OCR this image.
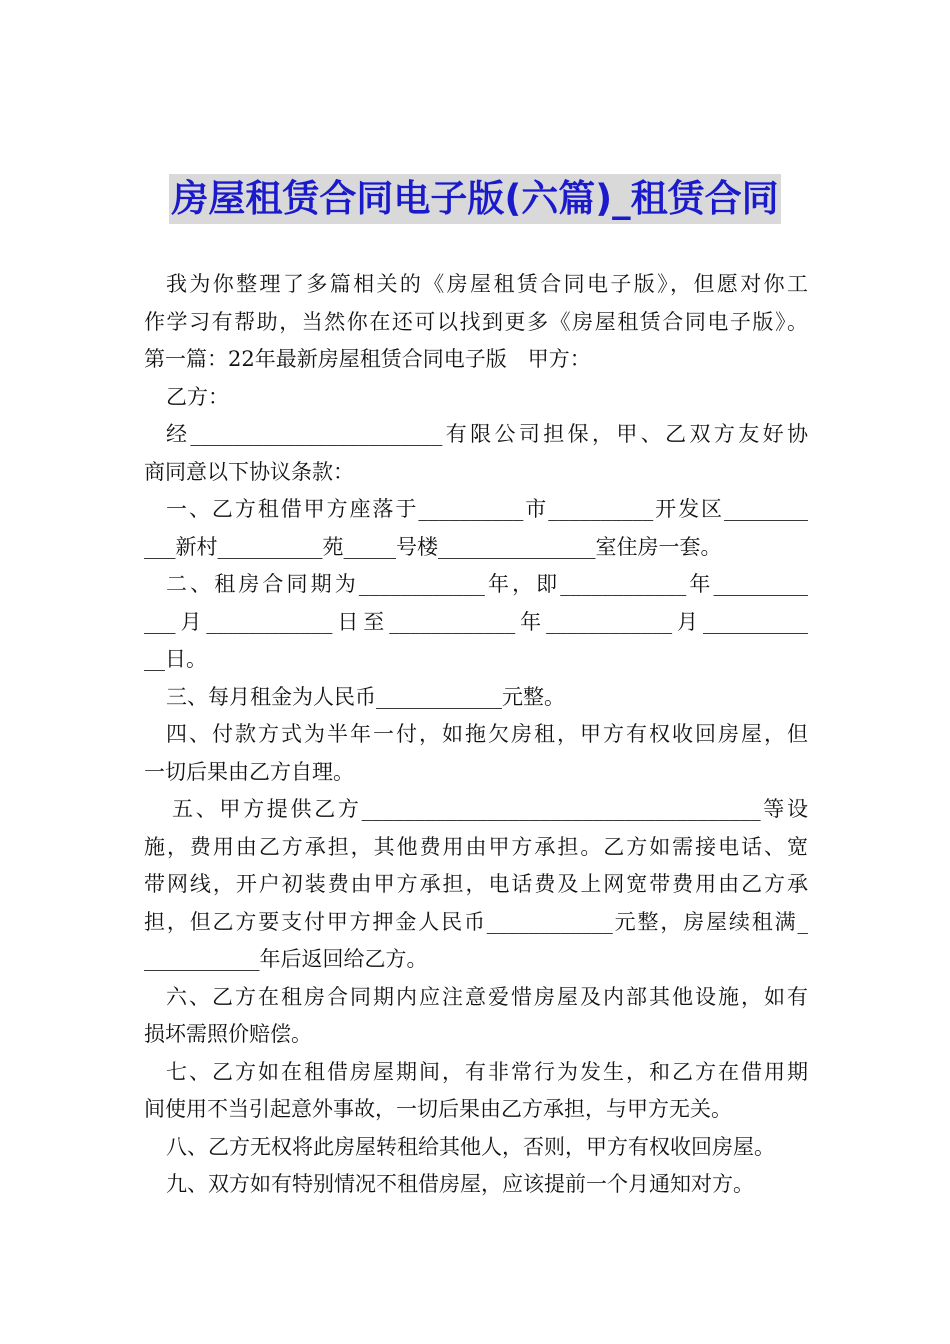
房屋租赁合同电子版(六篇)_租赁合同
我为你整理了多篇相关的《房屋租赁合同电子版》，但愿对你工
作学习有帮助，当然你在还可以找到更多《房屋租赁合同电子版》。
第一篇：22年最新房屋租赁合同电子版　甲方：
乙方：
经________________________有限公司担保，甲、乙双方友好协
商同意以下协议条款：
一、乙方租借甲方座落于__________市__________开发区________
___新村__________苑_____号楼_______________室住房一套。
二、租房合同期为____________年，即____________年_________
___月____________日至____________年____________月__________
__日。
三、每月租金为人民币____________元整。
四、付款方式为半年一付，如拖欠房租，甲方有权收回房屋，但
一切后果由乙方自理。
五、甲方提供乙方______________________________________等设
施，费用由乙方承担，其他费用由甲方承担。乙方如需接电话、宽
带网线，开户初装费由甲方承担，电话费及上网宽带费用由乙方承
担，但乙方要支付甲方押金人民币____________元整，房屋续租满_
___________年后返回给乙方。
六、乙方在租房合同期内应注意爱惜房屋及内部其他设施，如有
损坏需照价赔偿。
七、乙方如在租借房屋期间，有非常行为发生，和乙方在借用期
间使用不当引起意外事故，一切后果由乙方承担，与甲方无关。
八、乙方无权将此房屋转租给其他人，否则，甲方有权收回房屋。
九、双方如有特别情况不租借房屋，应该提前一个月通知对方。
